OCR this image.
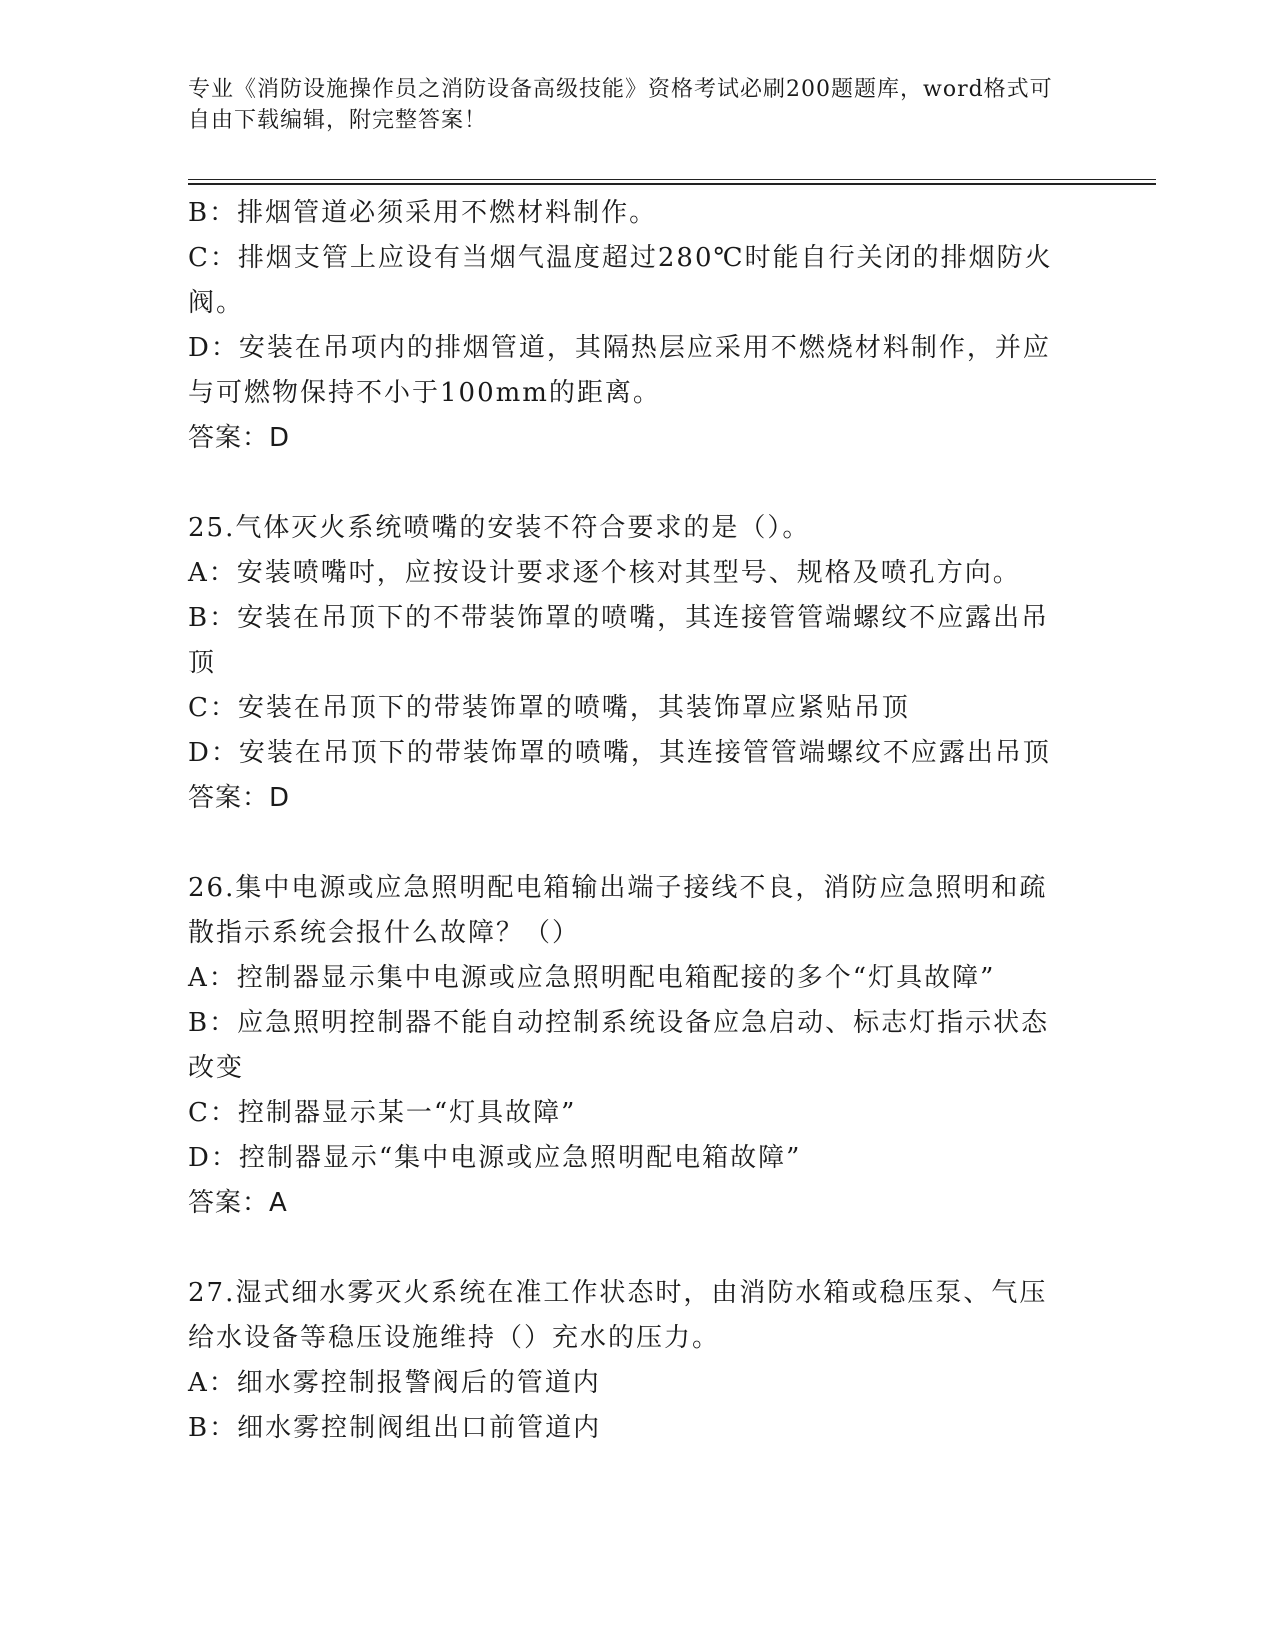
专业《消防设施操作员之消防设备高级技能》资格考试必刷200题题库，word格式可自由下载编辑，附完整答案！
B：排烟管道必须采用不燃材料制作。
C：排烟支管上应设有当烟气温度超过280℃时能自行关闭的排烟防火阀。
D：安装在吊项内的排烟管道，其隔热层应采用不燃烧材料制作，并应与可燃物保持不小于100mm的距离。
答案：D
25.气体灭火系统喷嘴的安装不符合要求的是（）。
A：安装喷嘴吋，应按设计要求逐个核对其型号、规格及喷孔方向。
B：安装在吊顶下的不带装饰罩的喷嘴，其连接管管端螺纹不应露出吊顶
C：安装在吊顶下的带装饰罩的喷嘴，其装饰罩应紧贴吊顶
D：安装在吊顶下的带装饰罩的喷嘴，其连接管管端螺纹不应露出吊顶
答案：D
26.集中电源或应急照明配电箱输出端子接线不良，消防应急照明和疏散指示系统会报什么故障？（）
A：控制器显示集中电源或应急照明配电箱配接的多个“灯具故障”
B：应急照明控制器不能自动控制系统设备应急启动、标志灯指示状态改变
C：控制器显示某一“灯具故障”
D：控制器显示“集中电源或应急照明配电箱故障”
答案：A
27.湿式细水雾灭火系统在准工作状态时，由消防水箱或稳压泵、气压给水设备等稳压设施维持（）充水的压力。
A：细水雾控制报警阀后的管道内
B：细水雾控制阀组出口前管道内
